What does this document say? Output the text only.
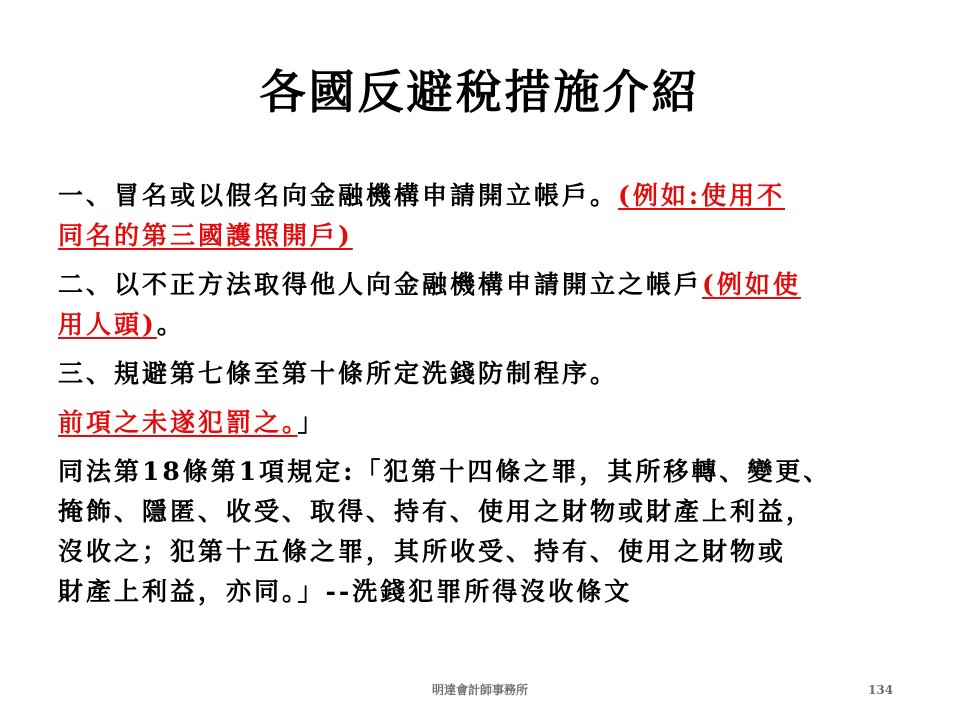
各國反避稅措施介紹
一、冒名或以假名向金融機構申請開立帳戶。(例如:使用不
同名的第三國護照開戶)
二、以不正方法取得他人向金融機構申請開立之帳戶(例如使
用人頭)。
三、規避第七條至第十條所定洗錢防制程序。
前項之未遂犯罰之。」
同法第18條第1項規定:「犯第十四條之罪，其所移轉、變更、
掩飾、隱匿、收受、取得、持有、使用之財物或財產上利益，
沒收之；犯第十五條之罪，其所收受、持有、使用之財物或
財產上利益，亦同。」--洗錢犯罪所得沒收條文
明達會計師事務所	134
